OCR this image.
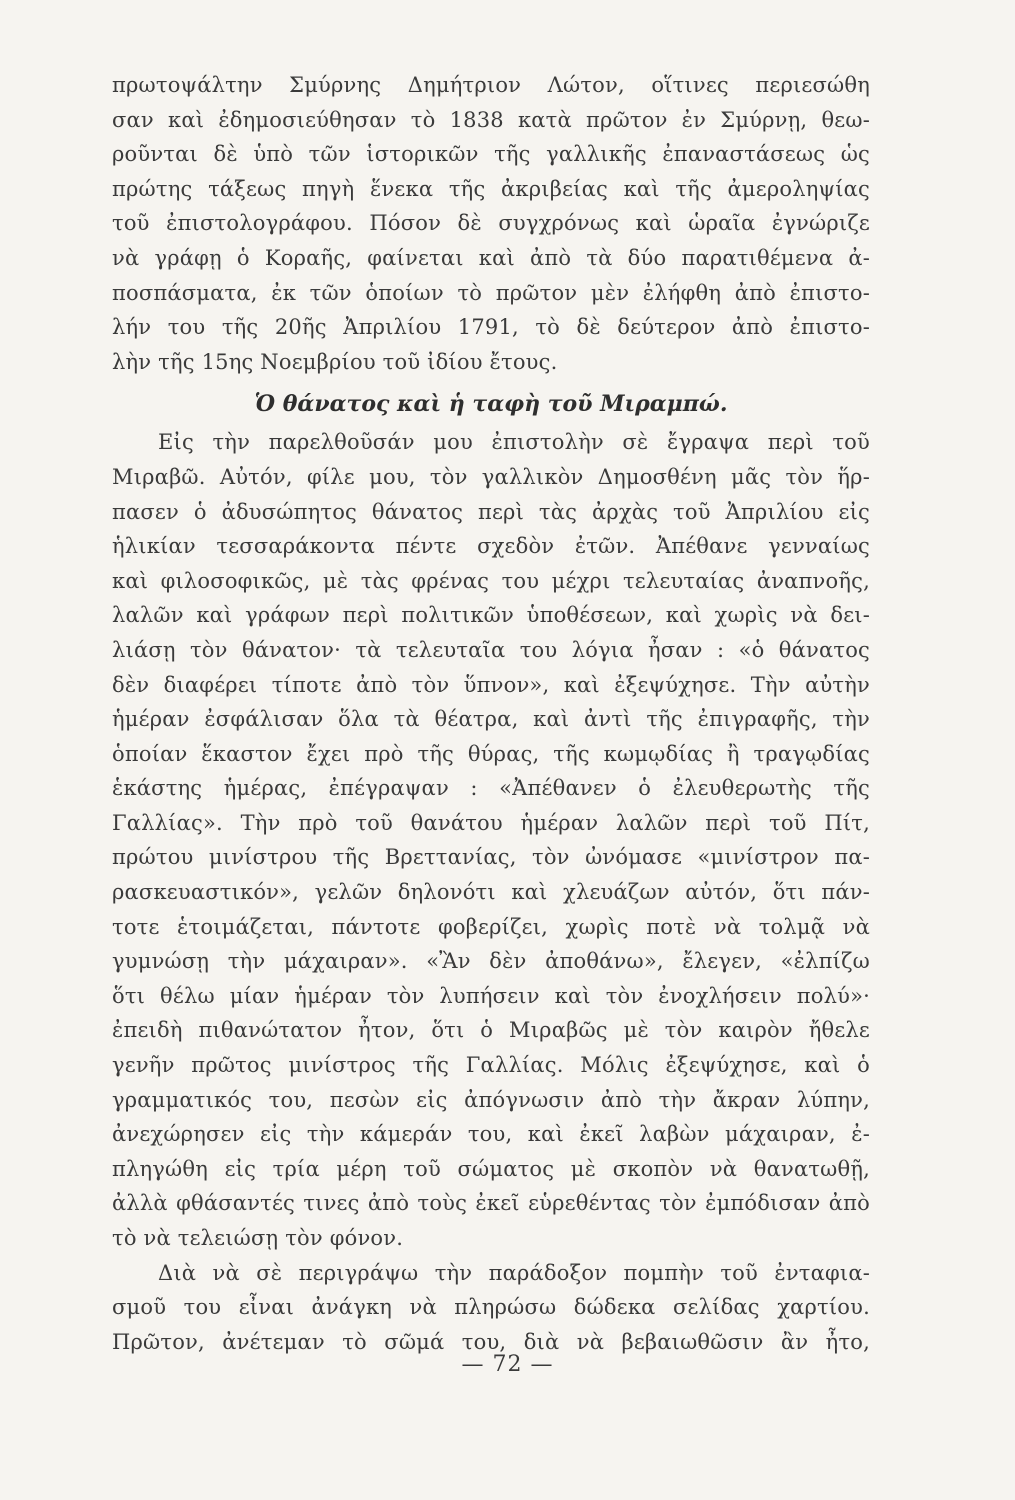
πρωτοψάλτην Σμύρνης Δημήτριον Λώτον, οἵτινες περιεσώθη
σαν καὶ ἐδημοσιεύθησαν τὸ 1838 κατὰ πρῶτον ἐν Σμύρνῃ, θεω-
ροῦνται δὲ ὑπὸ τῶν ἱστορικῶν τῆς γαλλικῆς ἐπαναστάσεως ὡς
πρώτης τάξεως πηγὴ ἕνεκα τῆς ἀκριβείας καὶ τῆς ἀμεροληψίας
τοῦ ἐπιστολογράφου. Πόσον δὲ συγχρόνως καὶ ὡραῖα ἐγνώριζε
νὰ γράφῃ ὁ Κοραῆς, φαίνεται καὶ ἀπὸ τὰ δύο παρατιθέμενα ἀ-
ποσπάσματα, ἐκ τῶν ὁποίων τὸ πρῶτον μὲν ἐλήφθη ἀπὸ ἐπιστο-
λήν του τῆς 20ῆς Ἀπριλίου 1791, τὸ δὲ δεύτερον ἀπὸ ἐπιστο-
λὴν τῆς 15ης Νοεμβρίου τοῦ ἰδίου ἔτους.
Ὁ θάνατος καὶ ἡ ταφὴ τοῦ Μιραμπώ.
Εἰς τὴν παρελθοῦσάν μου ἐπιστολὴν σὲ ἔγραψα περὶ τοῦ
Μιραβῶ. Αὐτόν, φίλε μου, τὸν γαλλικὸν Δημοσθένη μᾶς τὸν ἥρ-
πασεν ὁ ἀδυσώπητος θάνατος περὶ τὰς ἀρχὰς τοῦ Ἀπριλίου εἰς
ἡλικίαν τεσσαράκοντα πέντε σχεδὸν ἐτῶν. Ἀπέθανε γενναίως
καὶ φιλοσοφικῶς, μὲ τὰς φρένας του μέχρι τελευταίας ἀναπνοῆς,
λαλῶν καὶ γράφων περὶ πολιτικῶν ὑποθέσεων, καὶ χωρὶς νὰ δει-
λιάσῃ τὸν θάνατον· τὰ τελευταῖα του λόγια ἦσαν : «ὁ θάνατος
δὲν διαφέρει τίποτε ἀπὸ τὸν ὕπνον», καὶ ἐξεψύχησε. Τὴν αὐτὴν
ἡμέραν ἐσφάλισαν ὅλα τὰ θέατρα, καὶ ἀντὶ τῆς ἐπιγραφῆς, τὴν
ὁποίαν ἕκαστον ἔχει πρὸ τῆς θύρας, τῆς κωμῳδίας ἢ τραγῳδίας
ἑκάστης ἡμέρας, ἐπέγραψαν : «Ἀπέθανεν ὁ ἐλευθερωτὴς τῆς
Γαλλίας». Τὴν πρὸ τοῦ θανάτου ἡμέραν λαλῶν περὶ τοῦ Πίτ,
πρώτου μινίστρου τῆς Βρεττανίας, τὸν ὠνόμασε «μινίστρον πα-
ρασκευαστικόν», γελῶν δηλονότι καὶ χλευάζων αὐτόν, ὅτι πάν-
τοτε ἑτοιμάζεται, πάντοτε φοβερίζει, χωρὶς ποτὲ νὰ τολμᾷ νὰ
γυμνώσῃ τὴν μάχαιραν». «Ἂν δὲν ἀποθάνω», ἔλεγεν, «ἐλπίζω
ὅτι θέλω μίαν ἡμέραν τὸν λυπήσειν καὶ τὸν ἐνοχλήσειν πολύ»·
ἐπειδὴ πιθανώτατον ἦτον, ὅτι ὁ Μιραβῶς μὲ τὸν καιρὸν ἤθελε
γενῆν πρῶτος μινίστρος τῆς Γαλλίας. Μόλις ἐξεψύχησε, καὶ ὁ
γραμματικός του, πεσὼν εἰς ἀπόγνωσιν ἀπὸ τὴν ἄκραν λύπην,
ἀνεχώρησεν εἰς τὴν κάμεράν του, καὶ ἐκεῖ λαβὼν μάχαιραν, ἐ-
πληγώθη εἰς τρία μέρη τοῦ σώματος μὲ σκοπὸν νὰ θανατωθῇ,
ἀλλὰ φθάσαντές τινες ἀπὸ τοὺς ἐκεῖ εὑρεθέντας τὸν ἐμπόδισαν ἀπὸ
τὸ νὰ τελειώσῃ τὸν φόνον.
Διὰ νὰ σὲ περιγράψω τὴν παράδοξον πομπὴν τοῦ ἐνταφια-
σμοῦ του εἶναι ἀνάγκη νὰ πληρώσω δώδεκα σελίδας χαρτίου.
Πρῶτον, ἀνέτεμαν τὸ σῶμά του, διὰ νὰ βεβαιωθῶσιν ἂν ἦτο,
— 72 —
